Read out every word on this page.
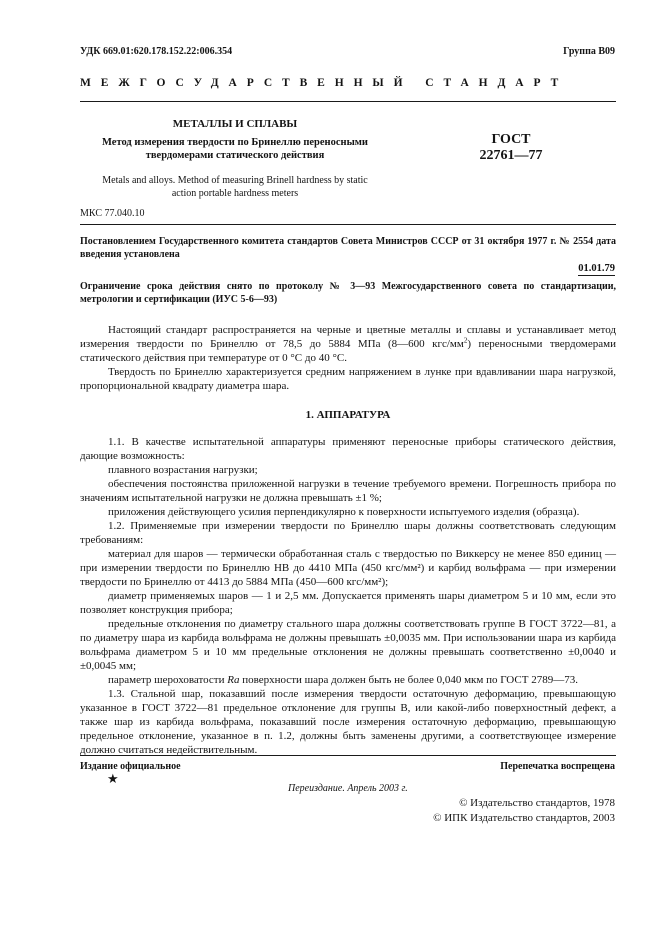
УДК 669.01:620.178.152.22:006.354	Группа В09
МЕЖГОСУДАРСТВЕННЫЙ СТАНДАРТ
МЕТАЛЛЫ И СПЛАВЫ
Метод измерения твердости по Бринеллю переносными
твердомерами статического действия
Metals and alloys. Method of measuring Brinell hardness by static
action portable hardness meters
ГОСТ
22761—77
МКС 77.040.10
Постановлением Государственного комитета стандартов Совета Министров СССР от 31 октября 1977 г. № 2554 дата введения установлена
01.01.79
Ограничение срока действия снято по протоколу № 3—93 Межгосударственного совета по стандартизации, метрологии и сертификации (ИУС 5-6—93)

Настоящий стандарт распространяется на черные и цветные металлы и сплавы и устанавливает метод измерения твердости по Бринеллю от 78,5 до 5884 МПа (8—600 кгс/$мм^2$) переносными твердомерами статического действия при температуре от 0 °С до 40 °С.

Твердость по Бринеллю характеризуется средним напряжением в лунке при вдавливании шара нагрузкой, пропорциональной квадрату диаметра шара.

1. АППАРАТУРА

1.1. В качестве испытательной аппаратуры применяют переносные приборы статического действия, дающие возможность:

плавного возрастания нагрузки;

обеспечения постоянства приложенной нагрузки в течение требуемого времени. Погрешность прибора по значениям испытательной нагрузки не должна превышать ±1 %;

приложения действующего усилия перпендикулярно к поверхности испытуемого изделия (образца).

1.2. Применяемые при измерении твердости по Бринеллю шары должны соответствовать следующим требованиям:

материал для шаров — термически обработанная сталь с твердостью по Виккерсу не менее 850 единиц — при измерении твердости по Бринеллю НВ до 4410 МПа (450 кгс/мм²) и карбид вольфрама — при измерении твердости по Бринеллю от 4413 до 5884 МПа (450—600 кгс/мм²);

диаметр применяемых шаров — 1 и 2,5 мм. Допускается применять шары диаметром 5 и 10 мм, если это позволяет конструкция прибора;

предельные отклонения по диаметру стального шара должны соответствовать группе В ГОСТ 3722—81, а по диаметру шара из карбида вольфрама не должны превышать ±0,0035 мм. При использовании шара из карбида вольфрама диаметром 5 и 10 мм предельные отклонения не должны превышать соответственно ±0,0040 и ±0,0045 мм;

параметр шероховатости Ra поверхности шара должен быть не более 0,040 мкм по ГОСТ 2789—73.

1.3. Стальной шар, показавший после измерения твердости остаточную деформацию, превышающую указанное в ГОСТ 3722—81 предельное отклонение для группы В, или какой-либо поверхностный дефект, а также шар из карбида вольфрама, показавший после измерения остаточную деформацию, превышающую предельное отклонение, указанное в п. 1.2, должны быть заменены другими, а соответствующее измерение должно считаться недействительным.

Издание официальное	Перепечатка воспрещена
★
Переиздание. Апрель 2003 г.
© Издательство стандартов, 1978
© ИПК Издательство стандартов, 2003
